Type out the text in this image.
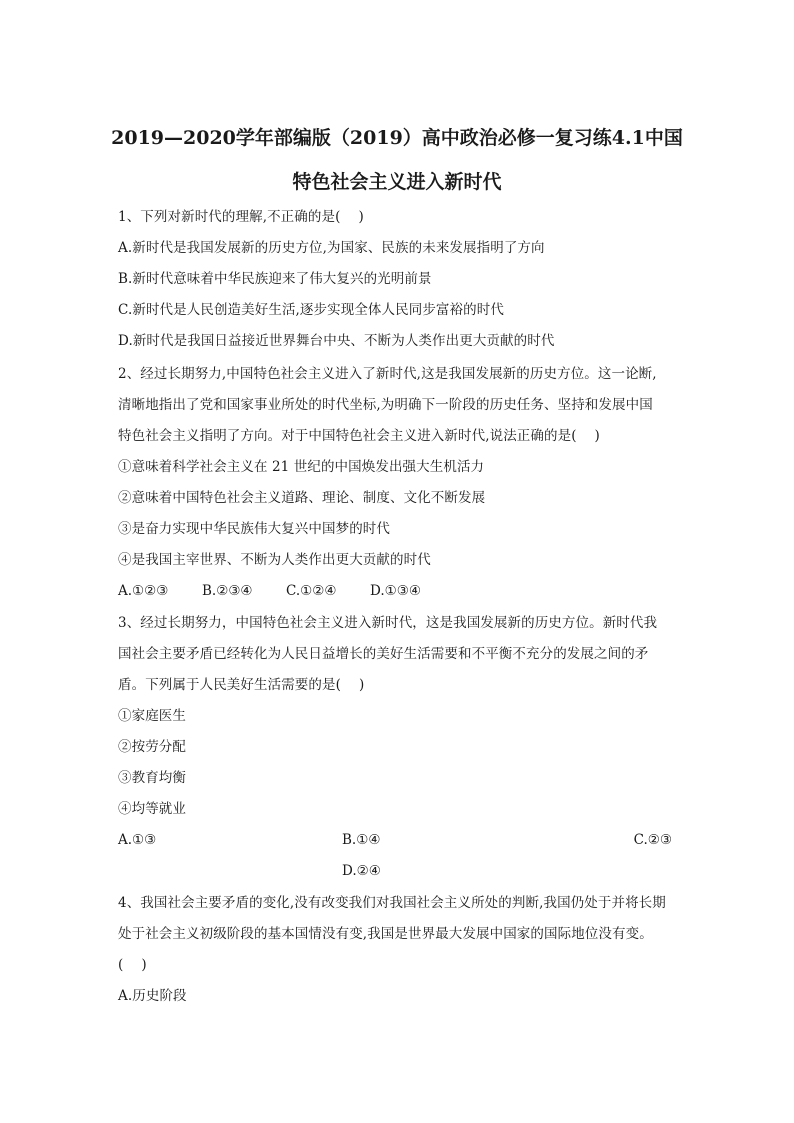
2019—2020学年部编版（2019）高中政治必修一复习练4.1中国
特色社会主义进入新时代
1、下列对新时代的理解,不正确的是(　 )
A.新时代是我国发展新的历史方位,为国家、民族的未来发展指明了方向
B.新时代意味着中华民族迎来了伟大复兴的光明前景
C.新时代是人民创造美好生活,逐步实现全体人民同步富裕的时代
D.新时代是我国日益接近世界舞台中央、不断为人类作出更大贡献的时代
2、经过长期努力,中国特色社会主义进入了新时代,这是我国发展新的历史方位。这一论断,
清晰地指出了党和国家事业所处的时代坐标,为明确下一阶段的历史任务、坚持和发展中国
特色社会主义指明了方向。对于中国特色社会主义进入新时代,说法正确的是(　 )
①意味着科学社会主义在 21 世纪的中国焕发出强大生机活力
②意味着中国特色社会主义道路、理论、制度、文化不断发展
③是奋力实现中华民族伟大复兴中国梦的时代
④是我国主宰世界、不断为人类作出更大贡献的时代
A.①②③ B.②③④ C.①②④ D.①③④
3、经过长期努力，中国特色社会主义进入新时代，这是我国发展新的历史方位。新时代我
国社会主要矛盾已经转化为人民日益增长的美好生活需要和不平衡不充分的发展之间的矛
盾。下列属于人民美好生活需要的是(　 )
①家庭医生
②按劳分配
③教育均衡
④均等就业
A.①③	B.①④	C.②③
D.②④
4、我国社会主要矛盾的变化,没有改变我们对我国社会主义所处的判断,我国仍处于并将长期
处于社会主义初级阶段的基本国情没有变,我国是世界最大发展中国家的国际地位没有变。
(　 )
A.历史阶段
